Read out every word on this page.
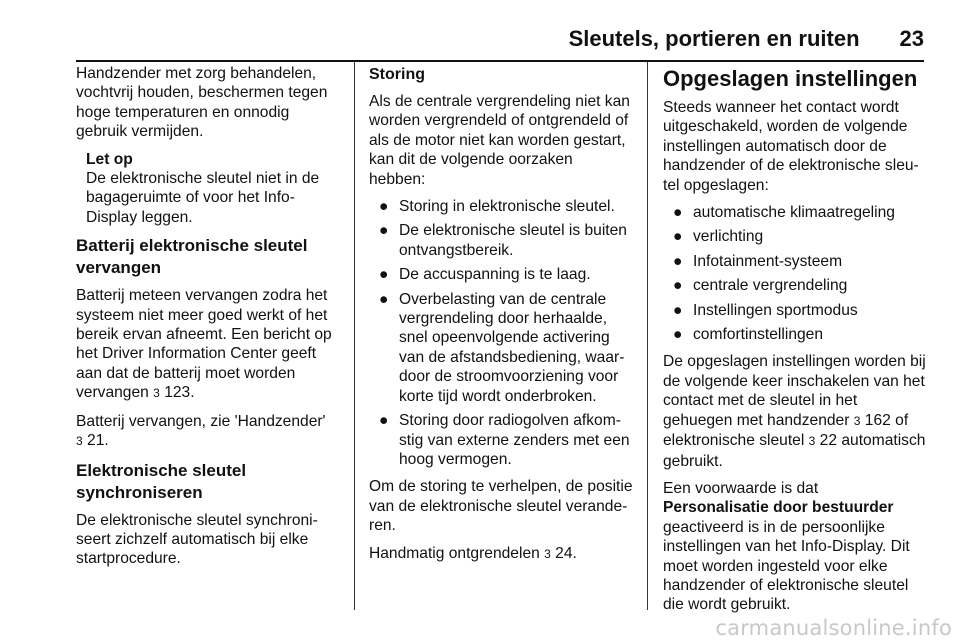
Sleutels, portieren en ruiten 23

Handzender met zorg behandelen, vochtvrij houden, beschermen tegen hoge temperaturen en onnodig gebruik vermijden.

Let op
De elektronische sleutel niet in de bagageruimte of voor het Info-Display leggen.
Batterij elektronische sleutel vervangen

Batterij meteen vervangen zodra het systeem niet meer goed werkt of het bereik ervan afneemt. Een bericht op het Driver Information Center geeft aan dat de batterij moet worden vervangen 3 123.

Batterij vervangen, zie 'Handzender' 3 21.

Elektronische sleutel synchroniseren

De elektronische sleutel synchroniseert zichzelf automatisch bij elke startprocedure.

Storing

Als de centrale vergrendeling niet kan worden vergrendeld of ontgrendeld of als de motor niet kan worden gestart, kan dit de volgende oorzaken hebben:

● Storing in elektronische sleutel.
● De elektronische sleutel is buiten ontvangstbereik.
● De accuspanning is te laag.
● Overbelasting van de centrale vergrendeling door herhaalde, snel opeenvolgende activering van de afstandsbediening, waardoor de stroomvoorziening voor korte tijd wordt onderbroken.
● Storing door radiogolven afkomstig van externe zenders met een hoog vermogen.

Om de storing te verhelpen, de positie van de elektronische sleutel veranderen.

Handmatig ontgrendelen 3 24.

Opgeslagen instellingen

Steeds wanneer het contact wordt uitgeschakeld, worden de volgende instellingen automatisch door de handzender of de elektronische sleutel opgeslagen:

● automatische klimaatregeling
● verlichting
● Infotainment-systeem
● centrale vergrendeling
● Instellingen sportmodus
● comfortinstellingen

De opgeslagen instellingen worden bij de volgende keer inschakelen van het contact met de sleutel in het gehuegen met handzender 3 162 of elektronische sleutel 3 22 automatisch gebruikt.

Een voorwaarde is dat Personalisatie door bestuurder geactiveerd is in de persoonlijke instellingen van het Info-Display. Dit moet worden ingesteld voor elke handzender of elektronische sleutel die wordt gebruikt.

carmanualsonline.info
